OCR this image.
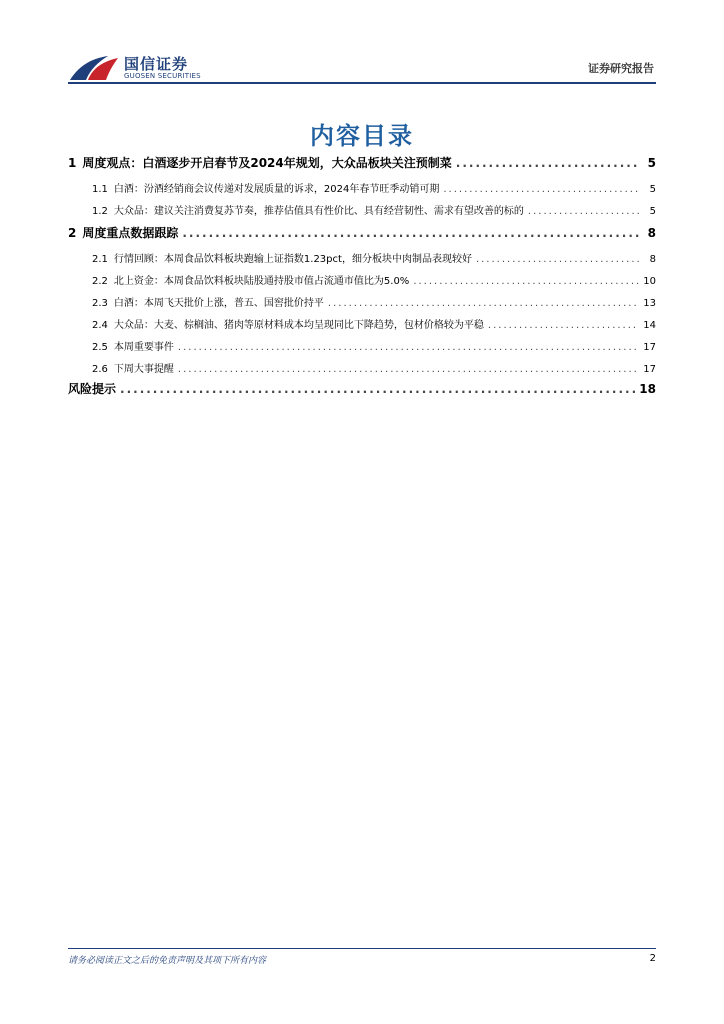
国信证券
GUOSEN SECURITIES
证券研究报告
内容目录
1 周度观点：白酒逐步开启春节及2024年规划，大众品板块关注预制菜 .....	5
1.1 白酒：汾酒经销商会议传递对发展质量的诉求，2024年春节旺季动销可期 .....	5
1.2 大众品：建议关注消费复苏节奏，推荐估值具有性价比、具有经营韧性、需求有望改善的标的 .....	5
2 周度重点数据跟踪 .....	8
2.1 行情回顾：本周食品饮料板块跑输上证指数1.23pct，细分板块中肉制品表现较好 .....	8
2.2 北上资金：本周食品饮料板块陆股通持股市值占流通市值比为5.0% .....	10
2.3 白酒：本周飞天批价上涨，普五、国窖批价持平 .....	13
2.4 大众品：大麦、棕榈油、猪肉等原材料成本均呈现同比下降趋势，包材价格较为平稳 .....	14
2.5 本周重要事件 .....	17
2.6 下周大事提醒 .....	17
风险提示 .....	18
请务必阅读正文之后的免责声明及其项下所有内容	2
